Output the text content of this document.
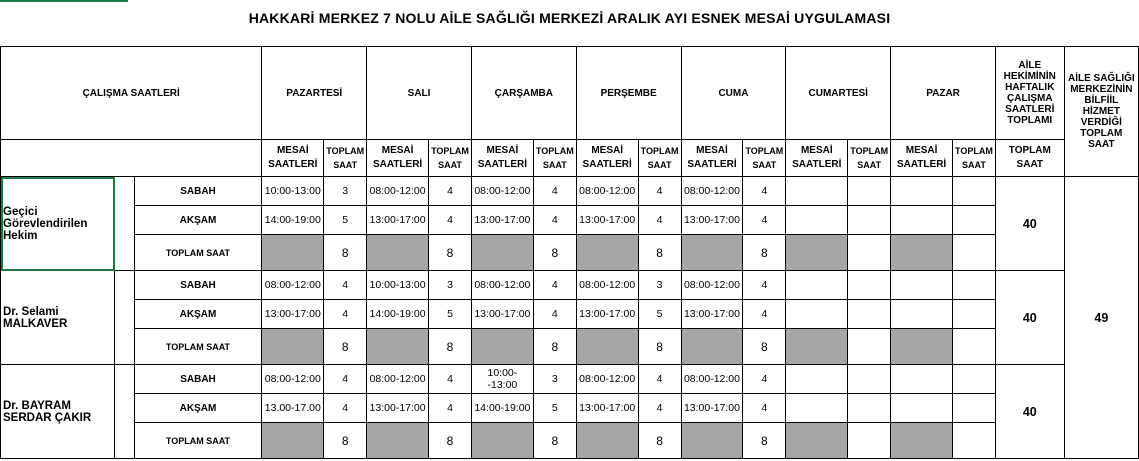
HAKKARİ MERKEZ 7 NOLU AİLE SAĞLIĞI MERKEZİ ARALIK AYI ESNEK MESAİ UYGULAMASI
ÇALIŞMA SAATLERİ			PAZARTESİ		SALI		ÇARŞAMBA		PERŞEMBE		CUMA		CUMARTESİ		PAZAR		AİLE HEKİMİNİN HAFTALIK ÇALIŞMA SAATLERİ TOPLAMI	AİLE SAĞLIĞI MERKEZİNİN BİLFİİL HİZMET VERDİĞİ TOPLAM SAAT
			MESAİ SAATLERİ	TOPLAM SAAT	MESAİ SAATLERİ	TOPLAM SAAT	MESAİ SAATLERİ	TOPLAM SAAT	MESAİ SAATLERİ	TOPLAM SAAT	MESAİ SAATLERİ	TOPLAM SAAT	MESAİ SAATLERİ	TOPLAM SAAT	MESAİ SAATLERİ	TOPLAM SAAT	TOPLAM SAAT	
Geçici Görevlendirilen Hekim		SABAH	10:00-13:00	3	08:00-12:00	4	08:00-12:00	4	08:00-12:00	4	08:00-12:00	4					40	49
		AKŞAM	14:00-19:00	5	13:00-17:00	4	13:00-17:00	4	13:00-17:00	4	13:00-17:00	4						
		TOPLAM SAAT		8		8		8		8		8						
Dr. Selami MALKAVER		SABAH	08:00-12:00	4	10:00-13:00	3	08:00-12:00	4	08:00-12:00	3	08:00-12:00	4					40	
		AKŞAM	13:00-17:00	4	14:00-19:00	5	13:00-17:00	4	13:00-17:00	5	13:00-17:00	4						
		TOPLAM SAAT		8		8		8		8		8						
Dr. BAYRAM SERDAR ÇAKIR		SABAH	08:00-12:00	4	08:00-12:00	4	10:00--13:00	3	08:00-12:00	4	08:00-12:00	4					40	
		AKŞAM	13.00-17.00	4	13:00-17:00	4	14:00-19:00	5	13:00-17:00	4	13:00-17:00	4						
		TOPLAM SAAT		8		8		8		8		8						
